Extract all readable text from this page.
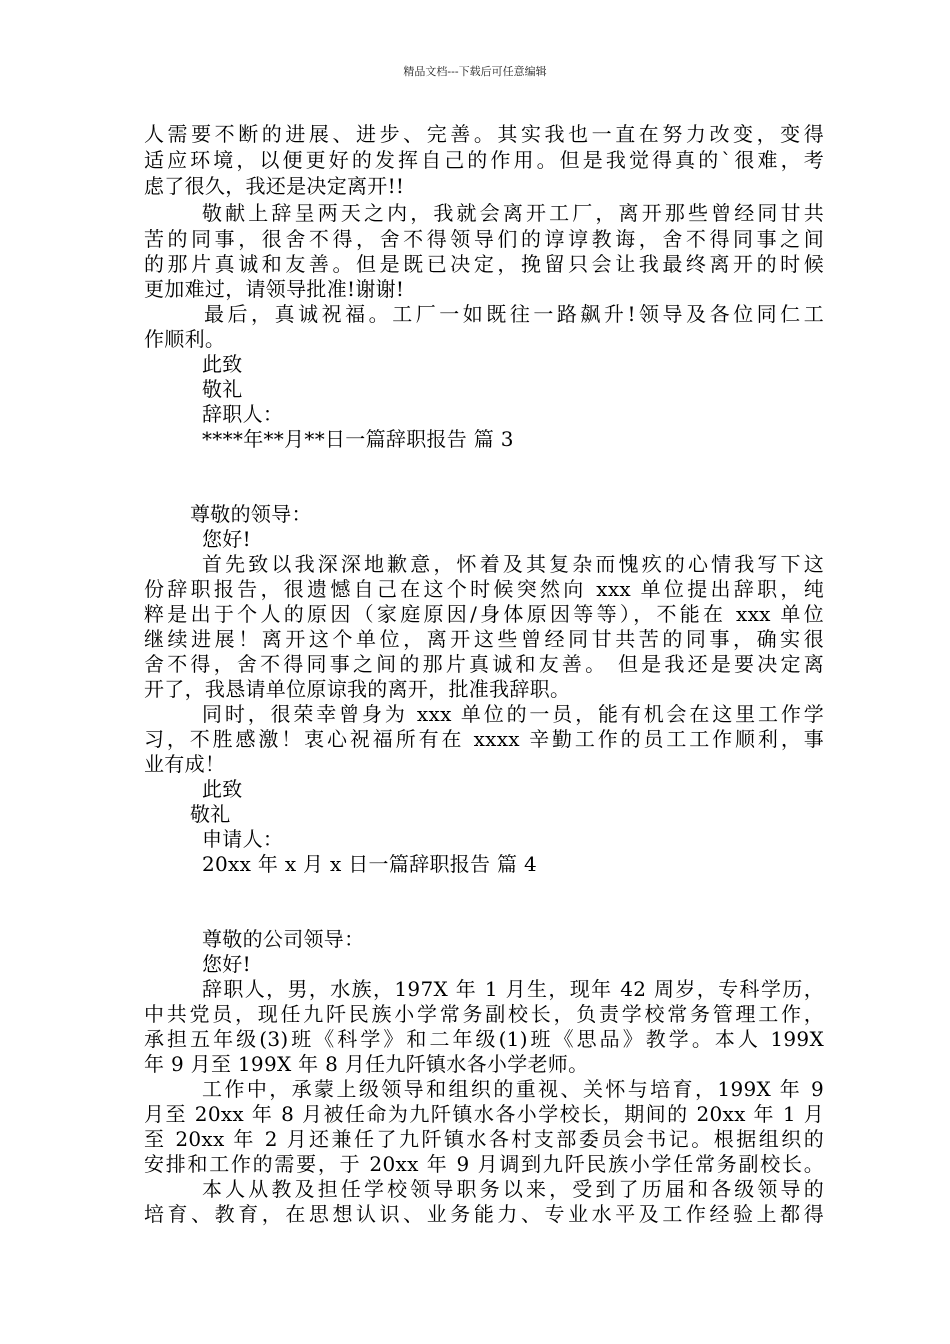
精品文档---下载后可任意编辑
人需要不断的进展、进步、完善。其实我也一直在努力改变，变得
适应环境，以便更好的发挥自己的作用。但是我觉得真的`很难，考
虑了很久，我还是决定离开!!
敬献上辞呈两天之内，我就会离开工厂，离开那些曾经同甘共
苦的同事，很舍不得，舍不得领导们的谆谆教诲，舍不得同事之间
的那片真诚和友善。但是既已决定，挽留只会让我最终离开的时候
更加难过，请领导批准!谢谢!
最后，真诚祝福。工厂一如既往一路飙升!领导及各位同仁工
作顺利。
此致
敬礼
辞职人：
****年**月**日一篇辞职报告 篇 3
尊敬的领导：
您好!
首先致以我深深地歉意，怀着及其复杂而愧疚的心情我写下这
份辞职报告，很遗憾自己在这个时候突然向 xxx 单位提出辞职，纯
粹是出于个人的原因（家庭原因/身体原因等等），不能在 xxx 单位
继续进展！离开这个单位，离开这些曾经同甘共苦的同事，确实很
舍不得，舍不得同事之间的那片真诚和友善。 但是我还是要决定离
开了，我恳请单位原谅我的离开，批准我辞职。
同时，很荣幸曾身为 xxx 单位的一员，能有机会在这里工作学
习，不胜感激！衷心祝福所有在 xxxx 辛勤工作的员工工作顺利，事
业有成！
此致
敬礼
申请人：
20xx 年 x 月 x 日一篇辞职报告 篇 4
尊敬的公司领导：
您好!
辞职人，男，水族，197X 年 1 月生，现年 42 周岁，专科学历，
中共党员，现任九阡民族小学常务副校长，负责学校常务管理工作，
承担五年级(3)班《科学》和二年级(1)班《思品》教学。本人 199X
年 9 月至 199X 年 8 月任九阡镇水各小学老师。
工作中，承蒙上级领导和组织的重视、关怀与培育，199X 年 9
月至 20xx 年 8 月被任命为九阡镇水各小学校长，期间的 20xx 年 1 月
至 20xx 年 2 月还兼任了九阡镇水各村支部委员会书记。根据组织的
安排和工作的需要，于 20xx 年 9 月调到九阡民族小学任常务副校长。
本人从教及担任学校领导职务以来，受到了历届和各级领导的
培育、教育，在思想认识、业务能力、专业水平及工作经验上都得
